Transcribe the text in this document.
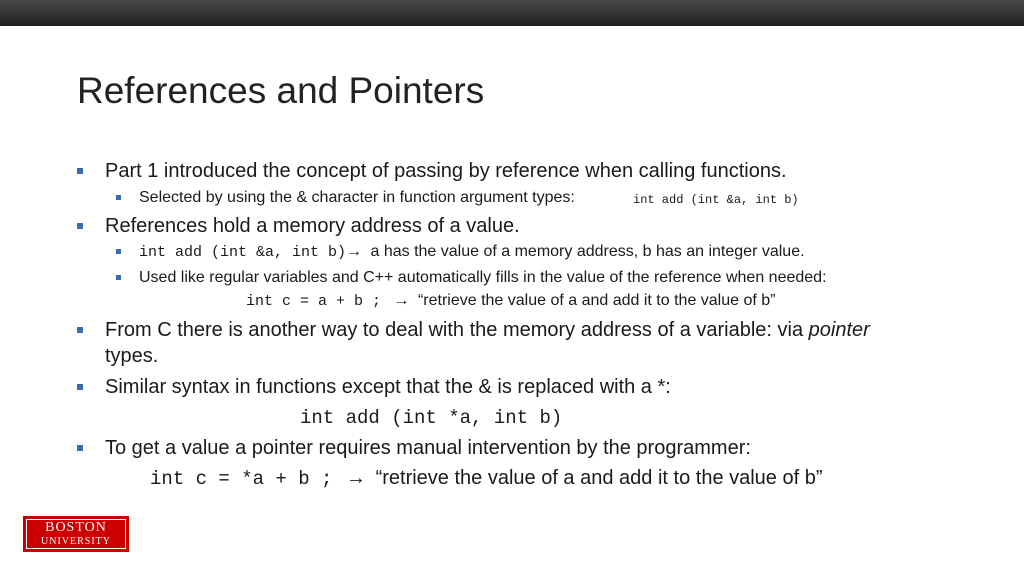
References and Pointers
Part 1 introduced the concept of passing by reference when calling functions.
Selected by using the & character in function argument types:	int add (int &a, int b)
References hold a memory address of a value.
int add (int &a, int b)→ a has the value of a memory address, b has an integer value.
Used like regular variables and C++ automatically fills in the value of the reference when needed:
int c = a + b ; → “retrieve the value of a and add it to the value of b”
From C there is another way to deal with the memory address of a variable: via pointer
types.
Similar syntax in functions except that the & is replaced with a *:
int add (int *a, int b)
To get a value a pointer requires manual intervention by the programmer:
int c = *a + b ; → “retrieve the value of a and add it to the value of b”
BOSTON
UNIVERSITY
